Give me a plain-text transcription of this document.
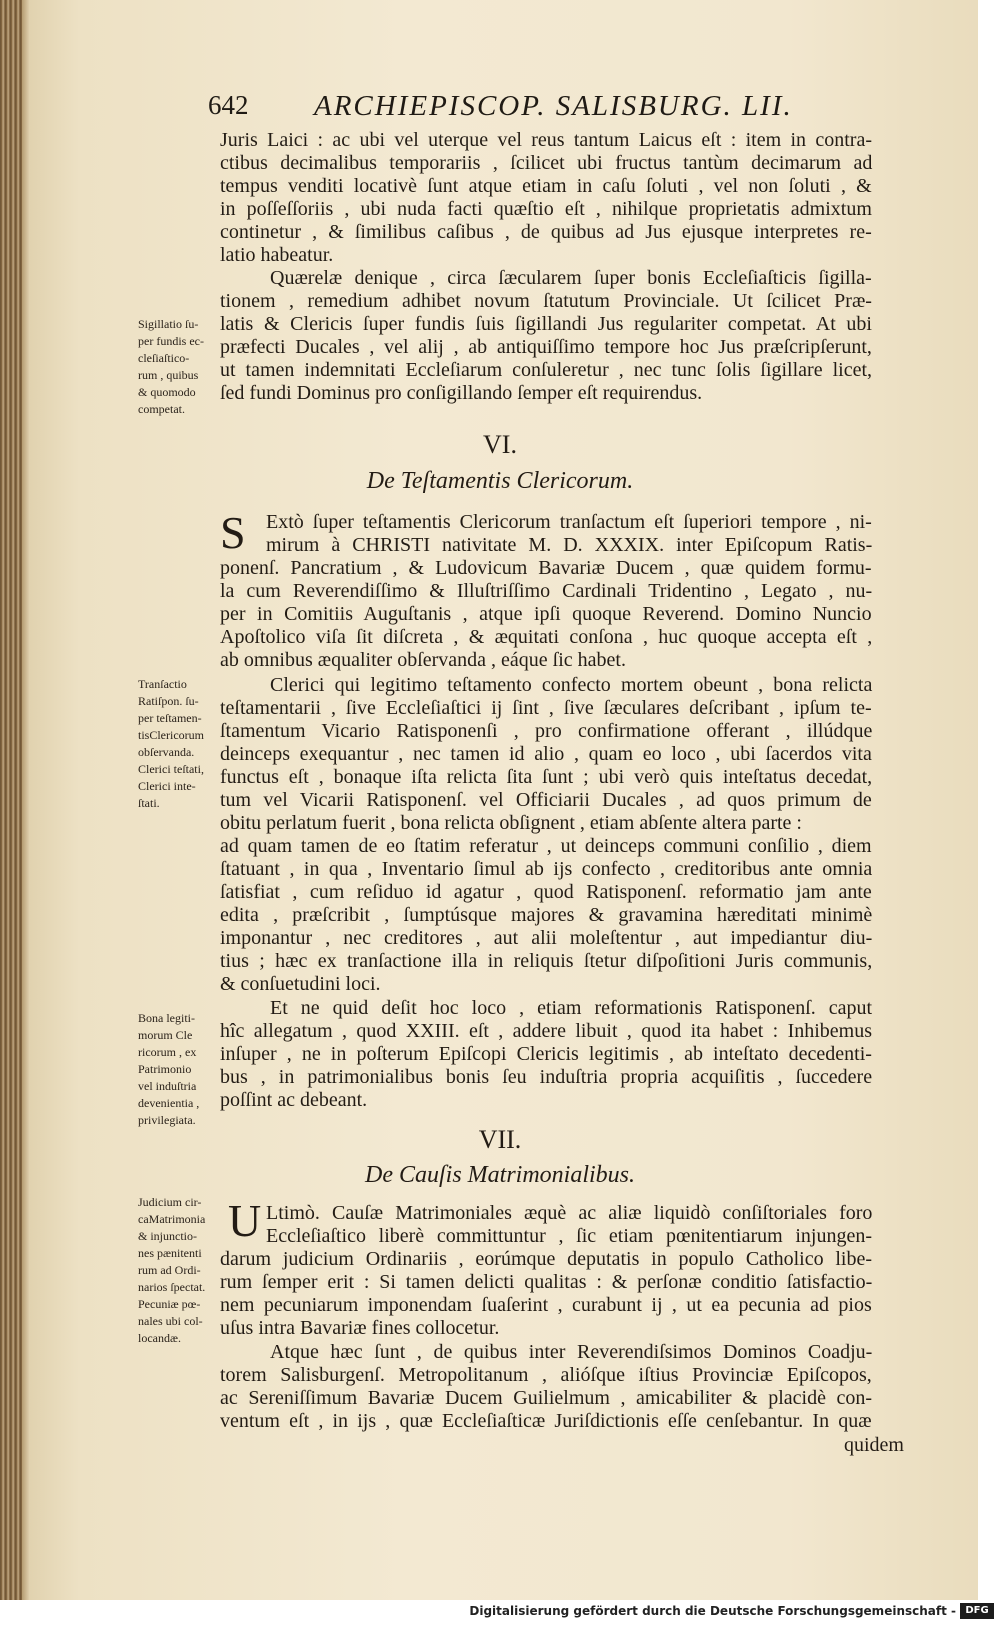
642 ARCHIEPISCOP. SALISBURG. LII.
Juris Laici : ac ubi vel uterque vel reus tantum Laicus eſt : item in contra-
ctibus decimalibus temporariis , ſcilicet ubi fructus tantùm decimarum ad
tempus venditi locativè ſunt atque etiam in caſu ſoluti , vel non ſoluti , &
in poſſeſſoriis , ubi nuda facti quæſtio eſt , nihilque proprietatis admixtum
continetur , & ſimilibus caſibus , de quibus ad Jus ejusque interpretes re-
latio habeatur.
Quærelæ denique , circa ſæcularem ſuper bonis Eccleſiaſticis ſigilla-
tionem , remedium adhibet novum ſtatutum Provinciale. Ut ſcilicet Præ-
latis & Clericis ſuper fundis ſuis ſigillandi Jus regulariter competat. At ubi
præfecti Ducales , vel alij , ab antiquiſſimo tempore hoc Jus præſcripſerunt,
ut tamen indemnitati Eccleſiarum conſuleretur , nec tunc ſolis ſigillare licet,
ſed fundi Dominus pro conſigillando ſemper eſt requirendus.
Sigillatio ſu-
per fundis ec-
cleſiaſtico-
rum , quibus
& quomodo
competat.
VI.
De Teſtamentis Clericorum.
S Extò ſuper teſtamentis Clericorum tranſactum eſt ſuperiori tempore , ni-
mirum à CHRISTI nativitate M. D. XXXIX. inter Epiſcopum Ratis-
ponenſ. Pancratium , & Ludovicum Bavariæ Ducem , quæ quidem formu-
la cum Reverendiſſimo & Illuſtriſſimo Cardinali Tridentino , Legato , nu-
per in Comitiis Auguſtanis , atque ipſi quoque Reverend. Domino Nuncio
Apoſtolico viſa ſit diſcreta , & æquitati conſona , huc quoque accepta eſt ,
ab omnibus æqualiter obſervanda , eáque ſic habet.
Clerici qui legitimo teſtamento confecto mortem obeunt , bona relicta
teſtamentarii , ſive Eccleſiaſtici ij ſint , ſive ſæculares deſcribant , ipſum te-
ſtamentum Vicario Ratisponenſi , pro confirmatione offerant , illúdque
deinceps exequantur , nec tamen id alio , quam eo loco , ubi ſacerdos vita
functus eſt , bonaque iſta relicta ſita ſunt ; ubi verò quis inteſtatus decedat,
tum vel Vicarii Ratisponenſ. vel Officiarii Ducales , ad quos primum de
obitu perlatum fuerit , bona relicta obſignent , etiam abſente altera parte :
ad quam tamen de eo ſtatim referatur , ut deinceps communi conſilio , diem
ſtatuant , in qua , Inventario ſimul ab ijs confecto , creditoribus ante omnia
ſatisfiat , cum reſiduo id agatur , quod Ratisponenſ. reformatio jam ante
edita , præſcribit , ſumptúsque majores & gravamina hæreditati minimè
imponantur , nec creditores , aut alii moleſtentur , aut impediantur diu-
tius ; hæc ex tranſactione illa in reliquis ſtetur diſpoſitioni Juris communis,
& conſuetudini loci.
Et ne quid deſit hoc loco , etiam reformationis Ratisponenſ. caput
hîc allegatum , quod XXIII. eſt , addere libuit , quod ita habet : Inhibemus
inſuper , ne in poſterum Epiſcopi Clericis legitimis , ab inteſtato decedenti-
bus , in patrimonialibus bonis ſeu induſtria propria acquiſitis , ſuccedere
poſſint ac debeant.
Tranſactio
Ratiſpon. ſu-
per teſtamen-
tisClericorum
obſervanda.
Clerici teſtati,
Clerici inte-
ſtati.
Bona legiti-
morum Cle
ricorum , ex
Patrimonio
vel induſtria
devenientia ,
privilegiata.
VII.
De Cauſis Matrimonialibus.
U Ltimò. Cauſæ Matrimoniales æquè ac aliæ liquidò conſiſtoriales foro
Eccleſiaſtico liberè committuntur , ſic etiam pœnitentiarum injungen-
darum judicium Ordinariis , eorúmque deputatis in populo Catholico libe-
rum ſemper erit : Si tamen delicti qualitas : & perſonæ conditio ſatisfactio-
nem pecuniarum imponendam ſuaſerint , curabunt ij , ut ea pecunia ad pios
uſus intra Bavariæ fines collocetur.
Atque hæc ſunt , de quibus inter Reverendiſsimos Dominos Coadju-
torem Salisburgenſ. Metropolitanum , alióſque iſtius Provinciæ Epiſcopos,
ac Sereniſſimum Bavariæ Ducem Guilielmum , amicabiliter & placidè con-
ventum eſt , in ijs , quæ Eccleſiaſticæ Juriſdictionis eſſe cenſebantur. In quæ
quidem
Judicium cir-
caMatrimonia
& injunctio-
nes pænitenti
rum ad Ordi-
narios ſpectat.
Pecuniæ pœ-
nales ubi col-
locandæ.
Digitalisierung gefördert durch die Deutsche Forschungsgemeinschaft - DFG
